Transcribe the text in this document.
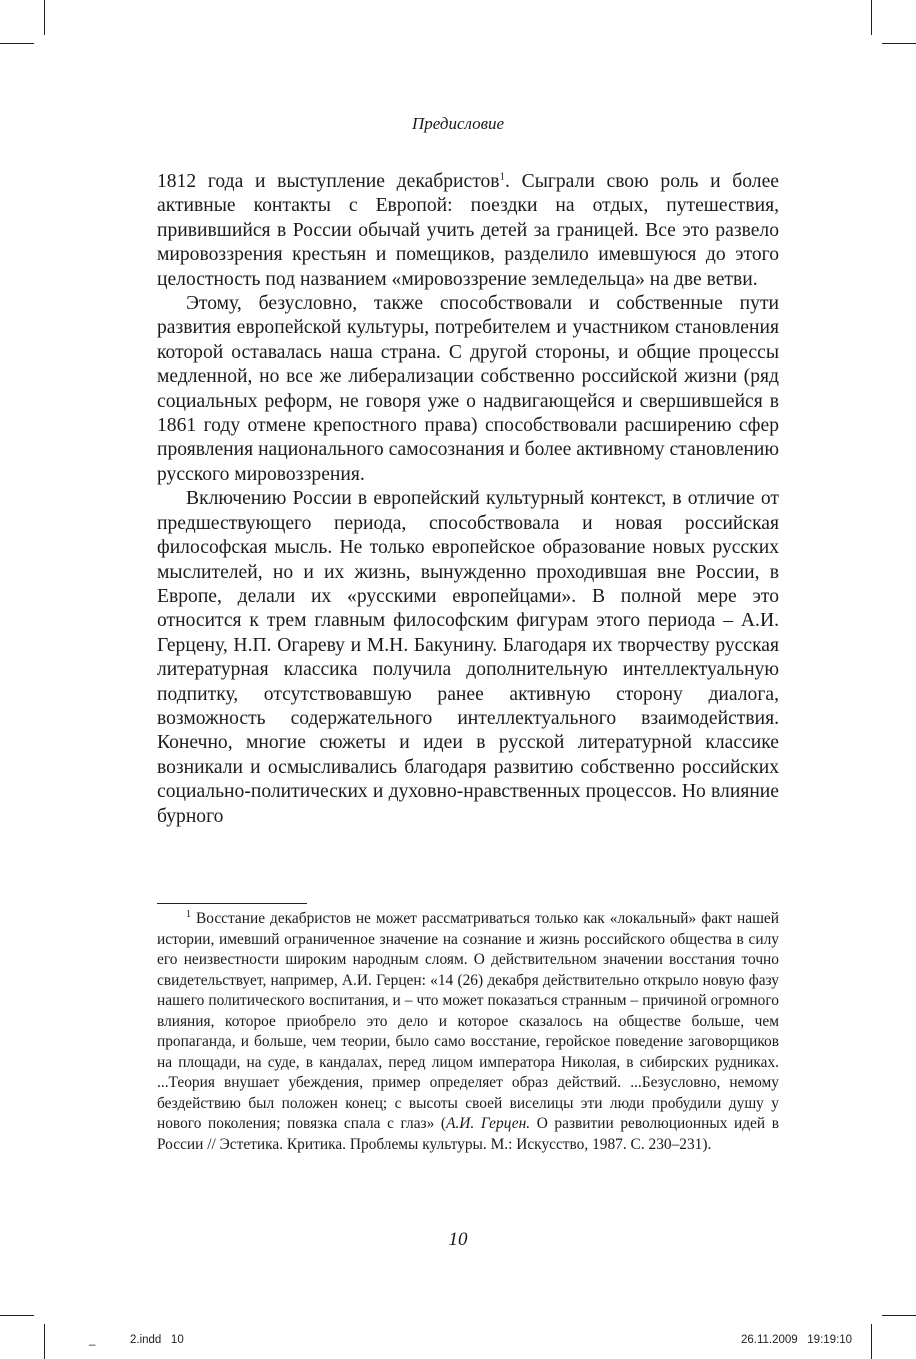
Предисловие

1812 года и выступление декабристов$^1$. Сыграли свою роль и более активные контакты с Европой: поездки на отдых, путешествия, привившийся в России обычай учить детей за границей. Все это развело мировоззрения крестьян и помещиков, разделило имевшуюся до этого целостность под названием «мировоззрение земледельца» на две ветви.

Этому, безусловно, также способствовали и собственные пути развития европейской культуры, потребителем и участником становления которой оставалась наша страна. С другой стороны, и общие процессы медленной, но все же либерализации собственно российской жизни (ряд социальных реформ, не говоря уже о надвигающейся и свершившейся в 1861 году отмене крепостного права) способствовали расширению сфер проявления национального самосознания и более активному становлению русского мировоззрения.

Включению России в европейский культурный контекст, в отличие от предшествующего периода, способствовала и новая российская философская мысль. Не только европейское образование новых русских мыслителей, но и их жизнь, вынужденно проходившая вне России, в Европе, делали их «русскими европейцами». В полной мере это относится к трем главным философским фигурам этого периода – А.И. Герцену, Н.П. Огареву и М.Н. Бакунину. Благодаря их творчеству русская литературная классика получила дополнительную интеллектуальную подпитку, отсутствовавшую ранее активную сторону диалога, возможность содержательного интеллектуального взаимодействия. Конечно, многие сюжеты и идеи в русской литературной классике возникали и осмысливались благодаря развитию собственно российских социально-политических и духовно-нравственных процессов. Но влияние бурного

$^1$ Восстание декабристов не может рассматриваться только как «локальный» факт нашей истории, имевший ограниченное значение на сознание и жизнь российского общества в силу его неизвестности широким народным слоям. О действительном значении восстания точно свидетельствует, например, А.И. Герцен: «14 (26) декабря действительно открыло новую фазу нашего политического воспитания, и – что может показаться странным – причиной огромного влияния, которое приобрело это дело и которое сказалось на обществе больше, чем пропаганда, и больше, чем теории, было само восстание, геройское поведение заговорщиков на площади, на суде, в кандалах, перед лицом императора Николая, в сибирских рудниках. ...Теория внушает убеждения, пример определяет образ действий. ...Безусловно, немому бездействию был положен конец; с высоты своей виселицы эти люди пробудили душу у нового поколения; повязка спала с глаз» (А.И. Герцен. О развитии революционных идей в России // Эстетика. Критика. Проблемы культуры. М.: Искусство, 1987. С. 230–231).

10
_	2.indd   10	26.11.2009   19:19:10
